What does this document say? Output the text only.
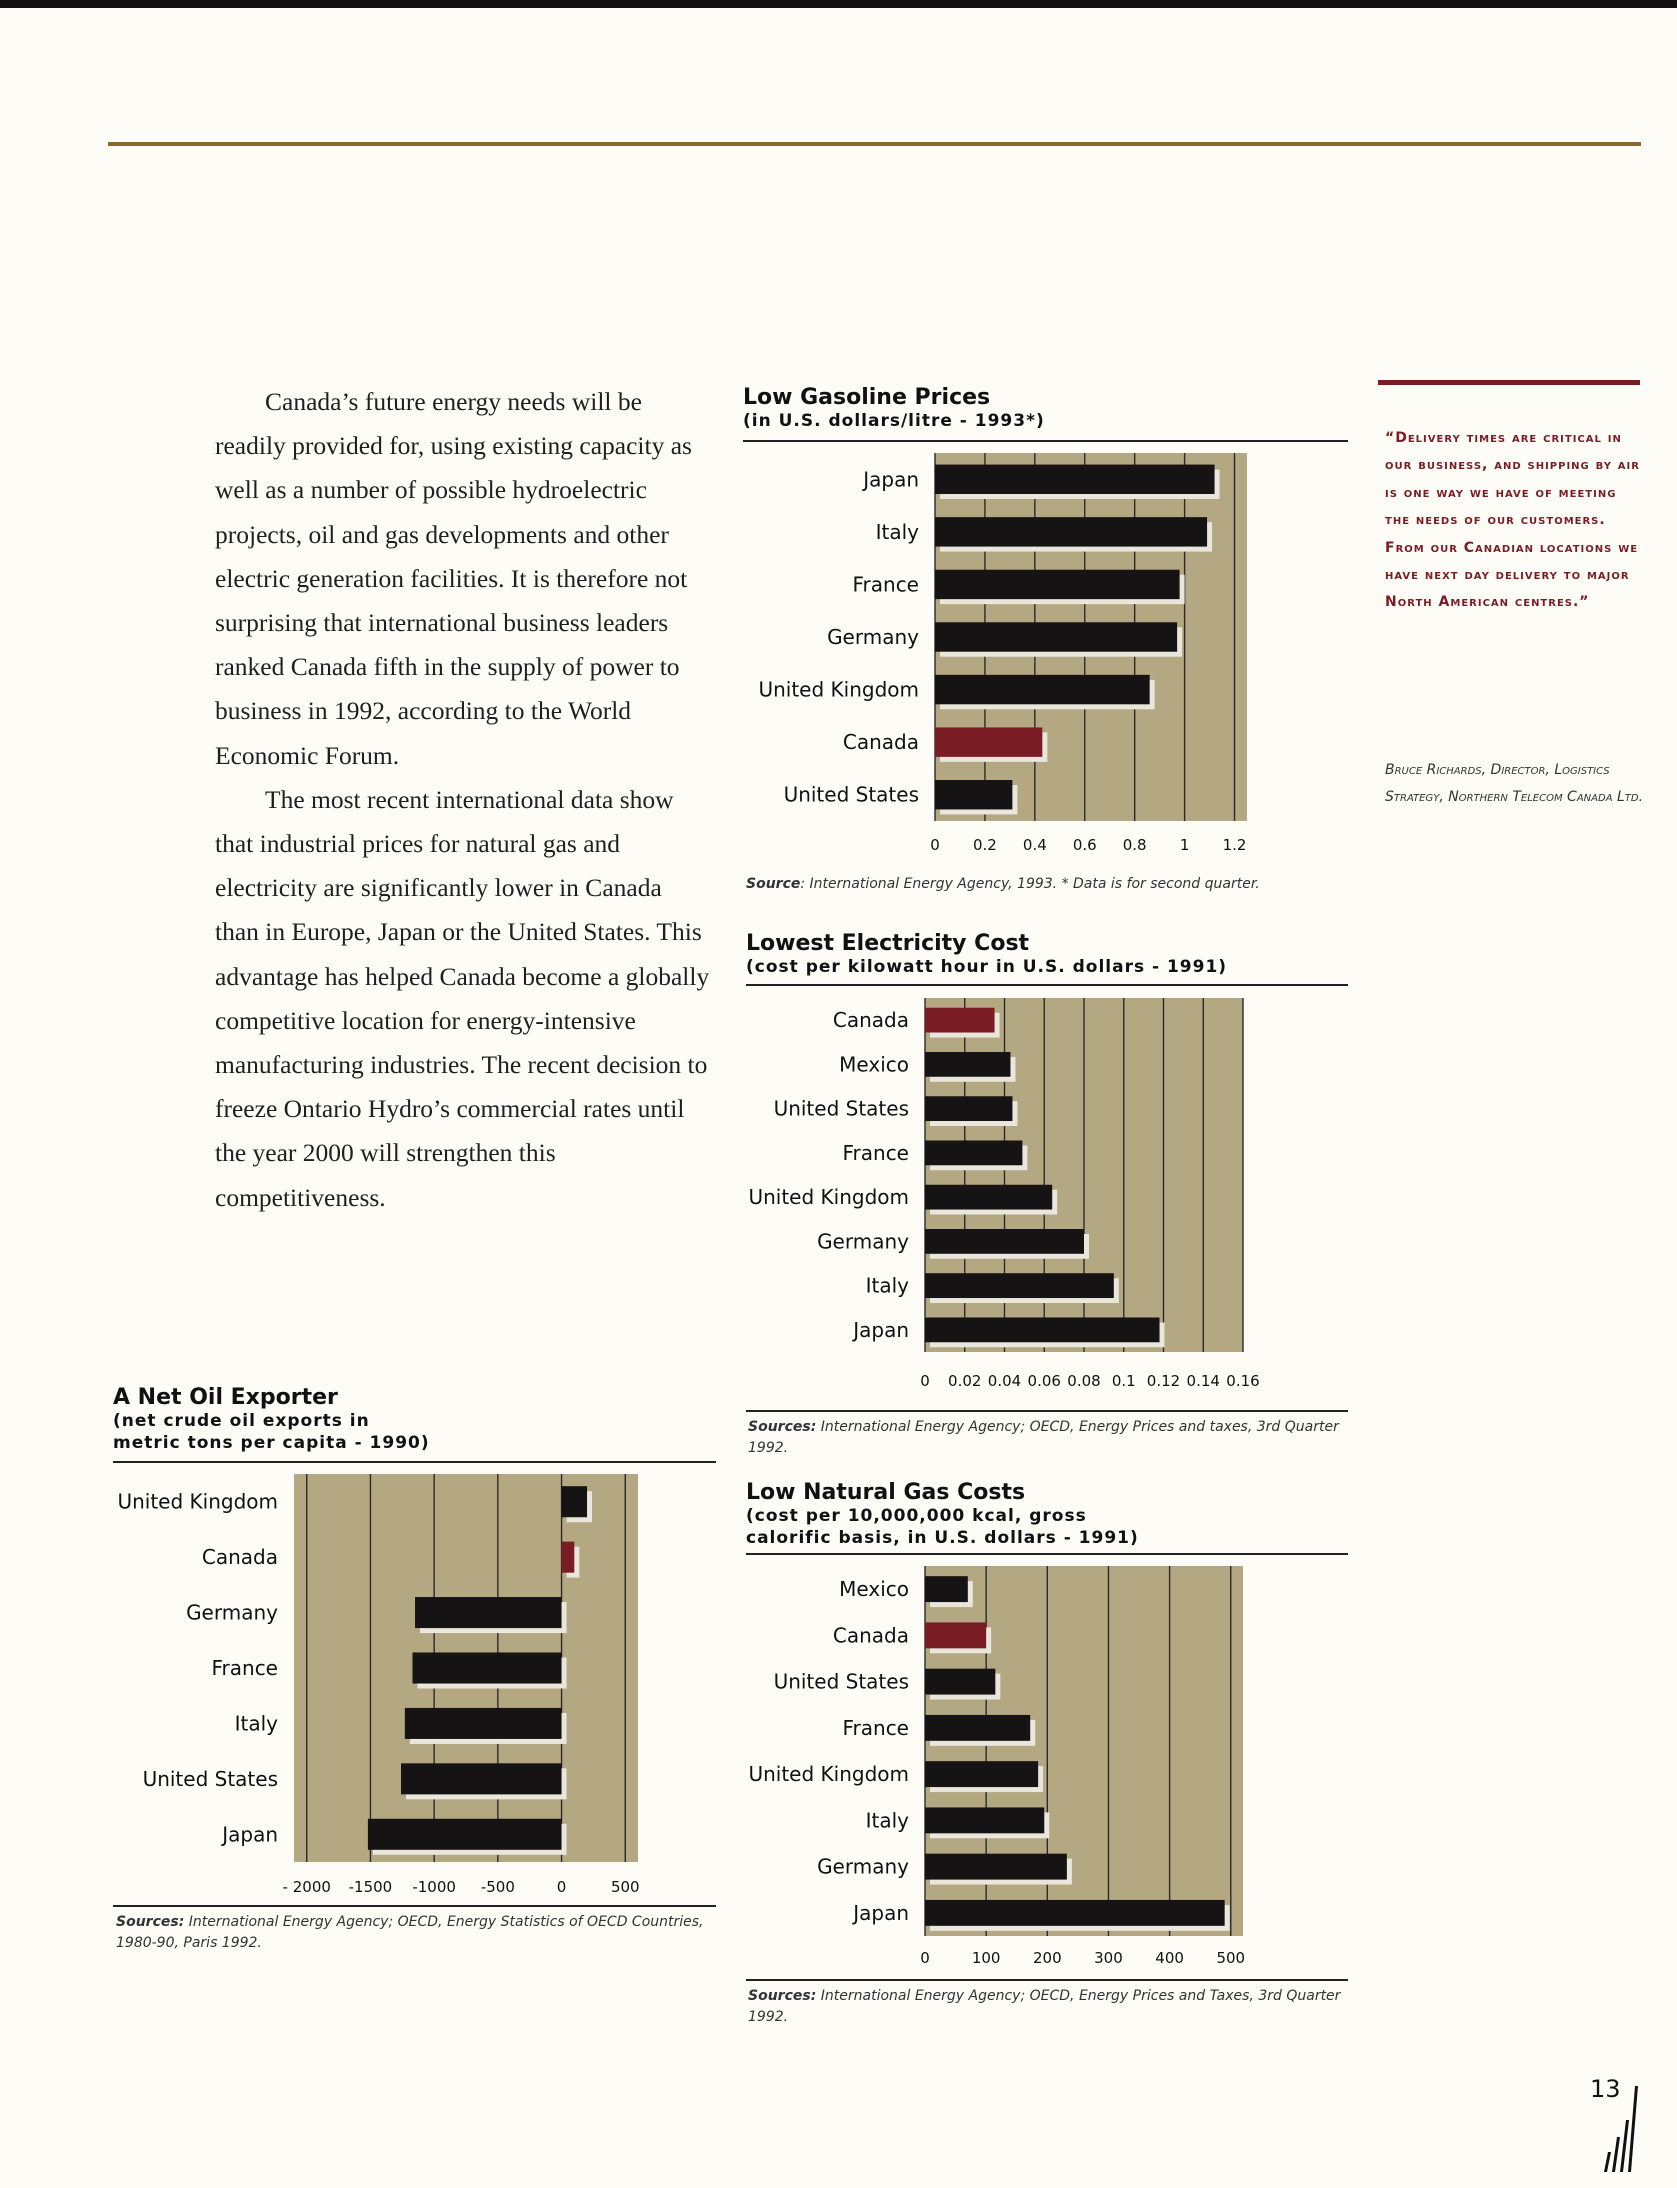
Canada’s future energy needs will be readily provided for, using existing capacity as well as a number of possible hydroelectric projects, oil and gas developments and other electric generation facilities. It is therefore not surprising that international business leaders ranked Canada fifth in the supply of power to business in 1992, according to the World Economic Forum.

The most recent international data show that industrial prices for natural gas and electricity are significantly lower in Canada than in Europe, Japan or the United States. This advantage has helped Canada become a globally competitive location for energy-intensive manufacturing industries. The recent decision to freeze Ontario Hydro’s commercial rates until the year 2000 will strengthen this competitiveness.

Low Gasoline Prices
(in U.S. dollars/litre - 1993*)
0 0.2 0.4 0.6 0.8 1 1.2
Japan
Italy
France
Germany
United Kingdom
Canada
United States
Source: International Energy Agency, 1993. * Data is for second quarter.
Lowest Electricity Cost
(cost per kilowatt hour in U.S. dollars - 1991)
0 0.02 0.04 0.06 0.08 0.1 0.12 0.14 0.16
Canada
Mexico
United States
France
United Kingdom
Germany
Italy
Japan
Sources: International Energy Agency; OECD, Energy Prices and taxes, 3rd Quarter 1992.
Low Natural Gas Costs
(cost per 10,000,000 kcal, gross
calorific basis, in U.S. dollars - 1991)
0	100 200 300 400 500
Mexico
Canada
United States
France
United Kingdom
Italy
Germany
Japan
Sources: International Energy Agency; OECD, Energy Prices and Taxes, 3rd Quarter 1992.
A Net Oil Exporter
(net crude oil exports in
metric tons per capita - 1990)
- 2000 -1500 -1000 -500	0	500
United Kingdom
Canada
Germany
France
Italy
United States
Japan
Sources: International Energy Agency; OECD, Energy Statistics of OECD Countries, 1980-90, Paris 1992.
“Delivery times are critical in our business, and shipping by air is one way we have of meeting the needs of our customers. From our Canadian locations we have next day delivery to major North American centres.”
Bruce Richards, Director, Logistics Strategy, Northern Telecom Canada Ltd.
13
